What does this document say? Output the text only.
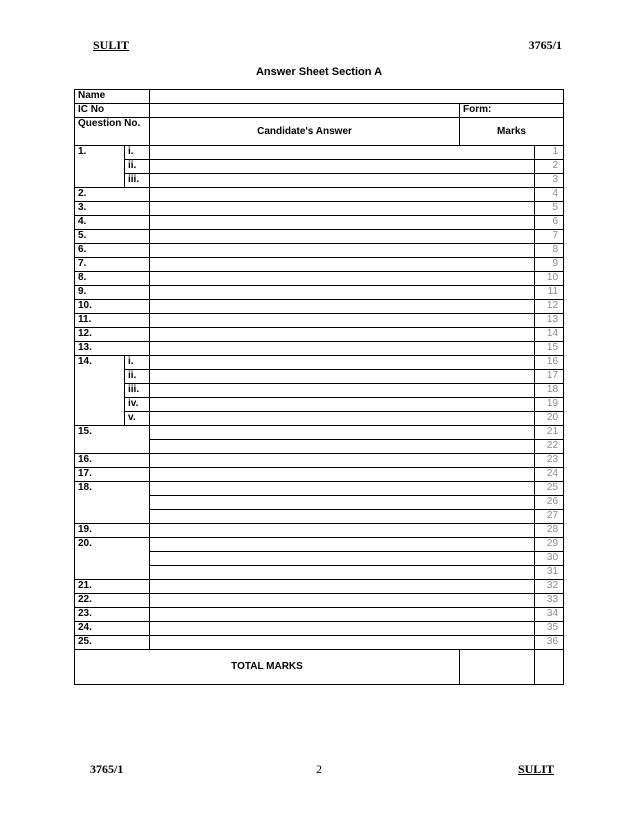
SULIT	3765/1
Answer Sheet Section A
Name				
IC No			Form:	
Question No.		Candidate's Answer	Marks	
1.	i.			1
	ii.			2
	iii.			3
2.				4
3.				5
4.				6
5.				7
6.				8
7.				9
8.				10
9.				11
10.				12
11.				13
12.				14
13.				15
14.	i.			16
	ii.			17
	iii.			18
	iv.			19
	v.			20
15.				21
				22
16.				23
17.				24
18.				25
				26
				27
19.				28
20.				29
				30
				31
21.				32
22.				33
23.				34
24.				35
25.				36
TOTAL MARKS				
3765/1	2	SULIT
